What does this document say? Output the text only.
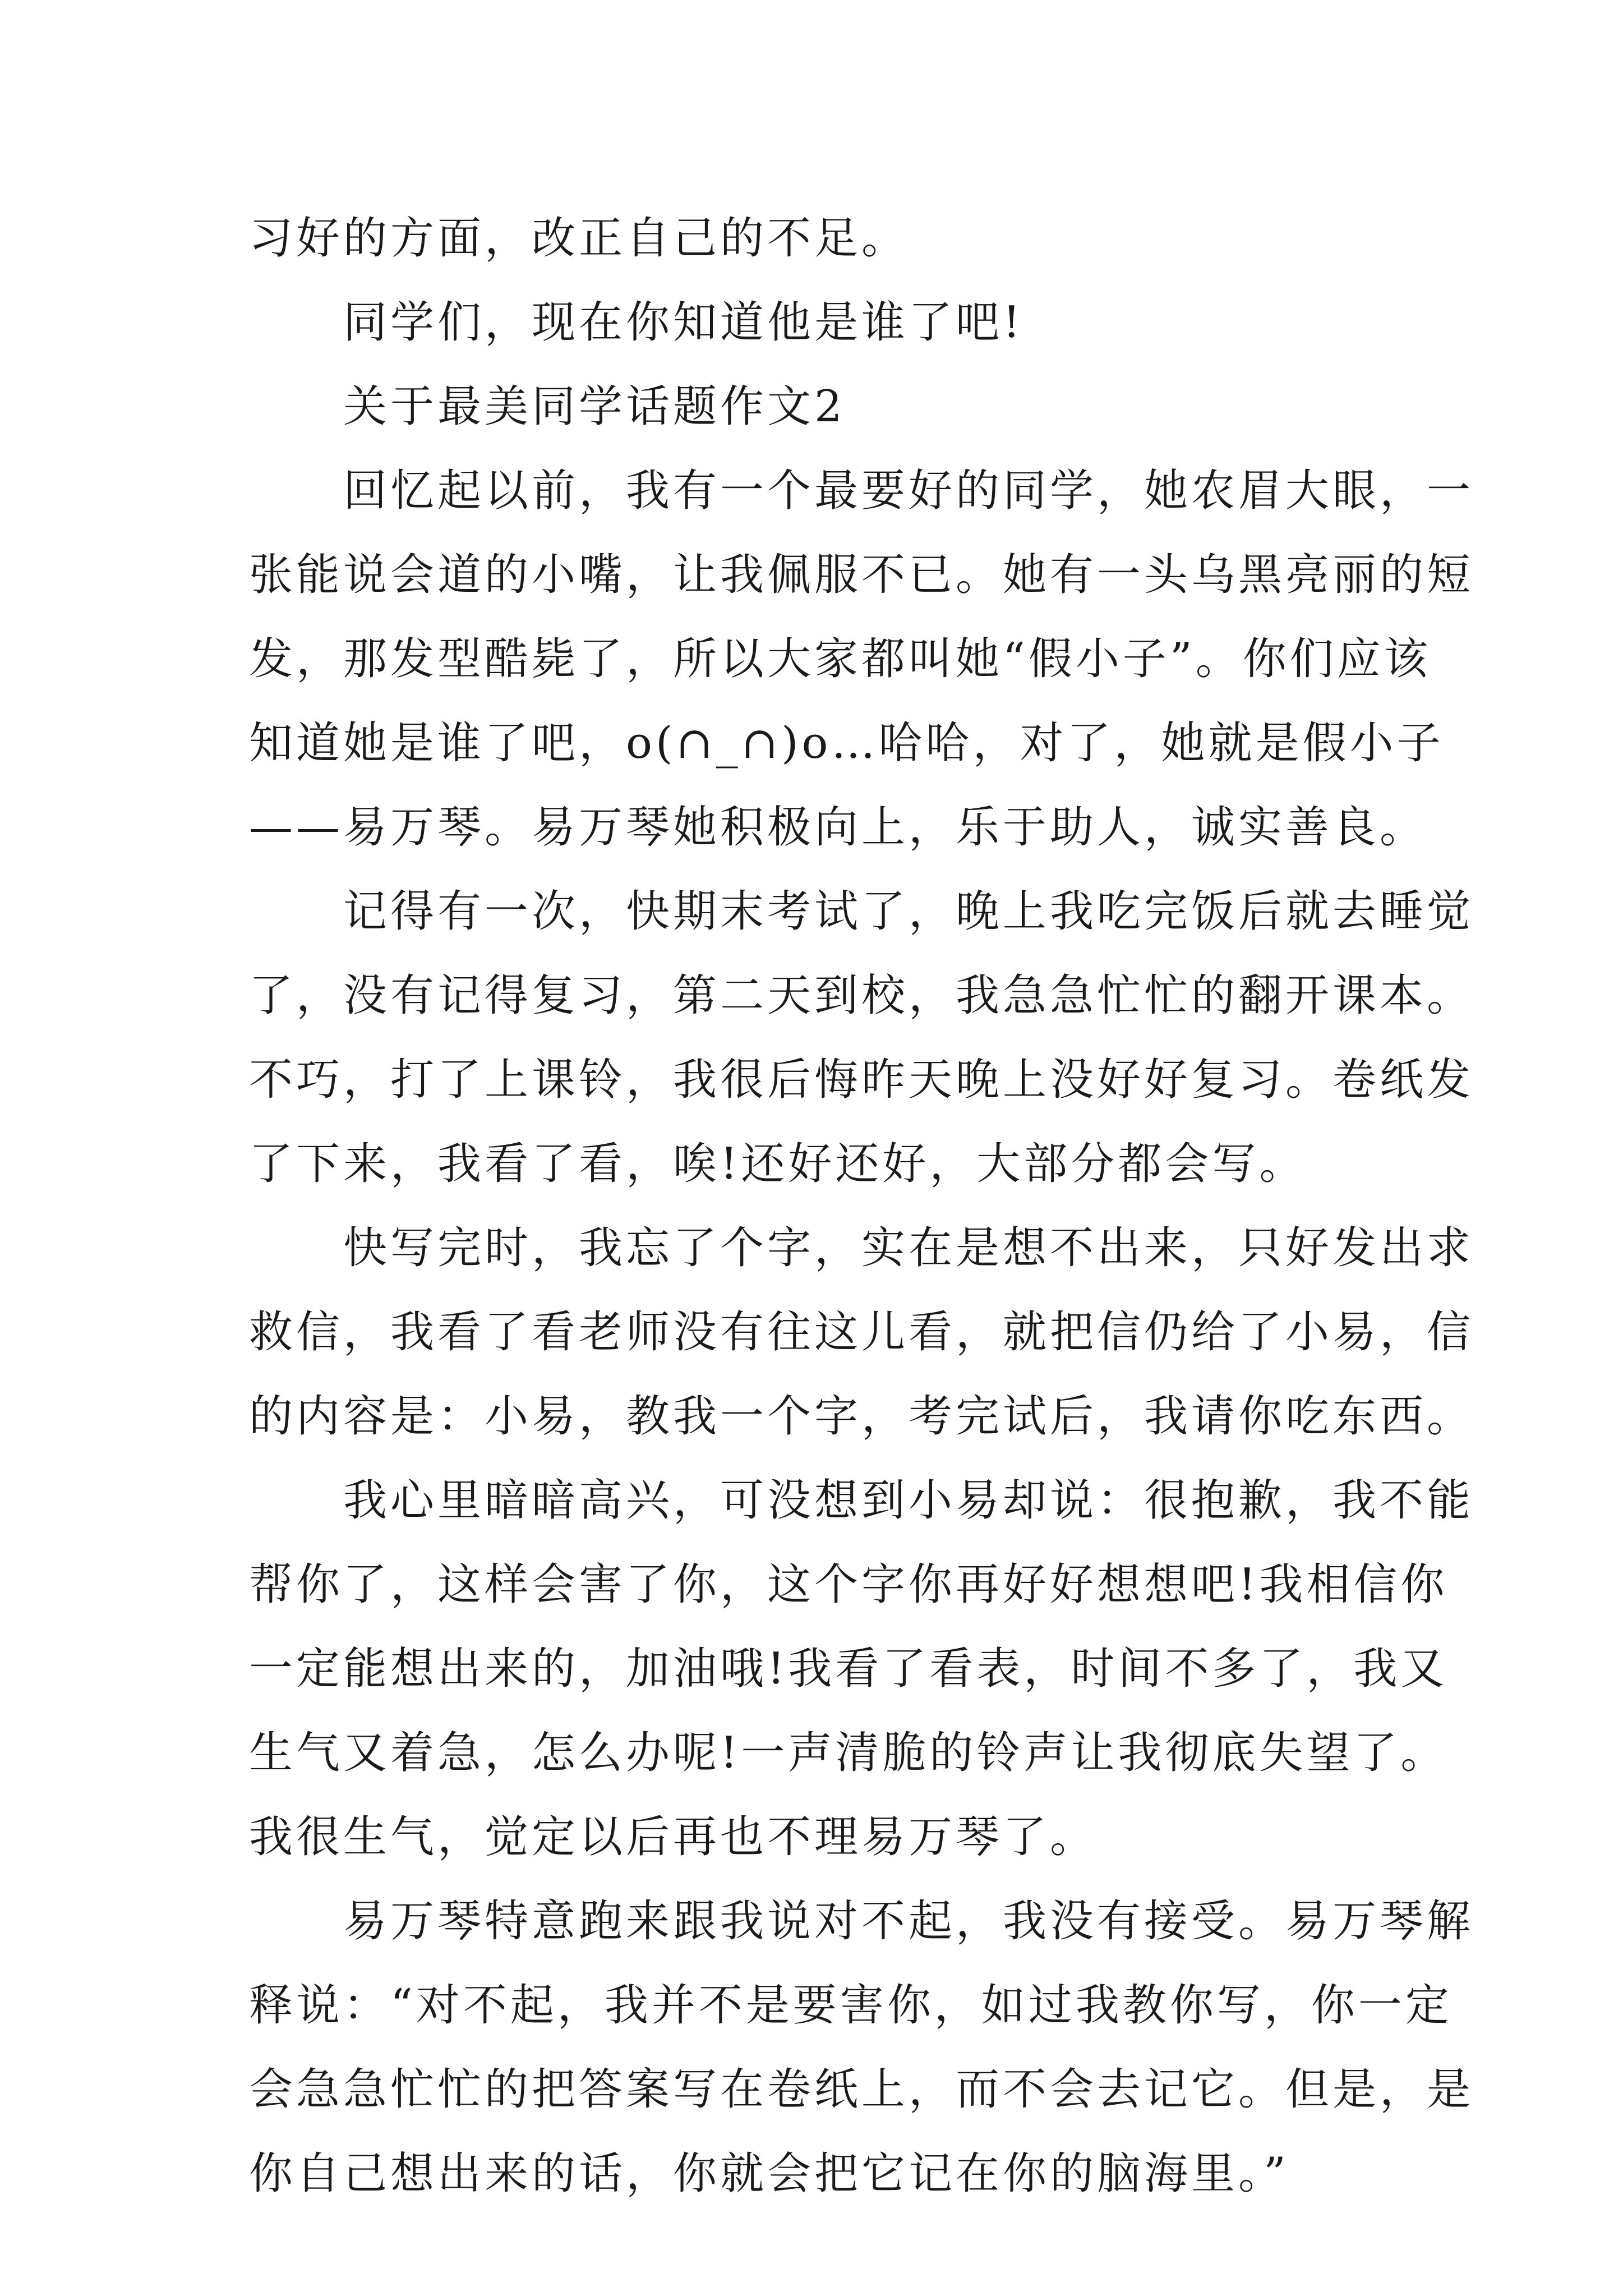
习好的方面，改正自己的不足。
　　同学们，现在你知道他是谁了吧!
　　关于最美同学话题作文2
　　回忆起以前，我有一个最要好的同学，她农眉大眼，一
张能说会道的小嘴，让我佩服不已。她有一头乌黑亮丽的短
发，那发型酷毙了，所以大家都叫她“假小子”。你们应该
知道她是谁了吧，o(∩_∩)o…哈哈，对了，她就是假小子
——易万琴。易万琴她积极向上，乐于助人，诚实善良。
　　记得有一次，快期末考试了，晚上我吃完饭后就去睡觉
了，没有记得复习，第二天到校，我急急忙忙的翻开课本。
不巧，打了上课铃，我很后悔昨天晚上没好好复习。卷纸发
了下来，我看了看，唉!还好还好，大部分都会写。
　　快写完时，我忘了个字，实在是想不出来，只好发出求
救信，我看了看老师没有往这儿看，就把信仍给了小易，信
的内容是：小易，教我一个字，考完试后，我请你吃东西。
　　我心里暗暗高兴，可没想到小易却说：很抱歉，我不能
帮你了，这样会害了你，这个字你再好好想想吧!我相信你
一定能想出来的，加油哦!我看了看表，时间不多了，我又
生气又着急，怎么办呢!一声清脆的铃声让我彻底失望了。
我很生气，觉定以后再也不理易万琴了。
　　易万琴特意跑来跟我说对不起，我没有接受。易万琴解
释说：“对不起，我并不是要害你，如过我教你写，你一定
会急急忙忙的把答案写在卷纸上，而不会去记它。但是，是
你自己想出来的话，你就会把它记在你的脑海里。”
